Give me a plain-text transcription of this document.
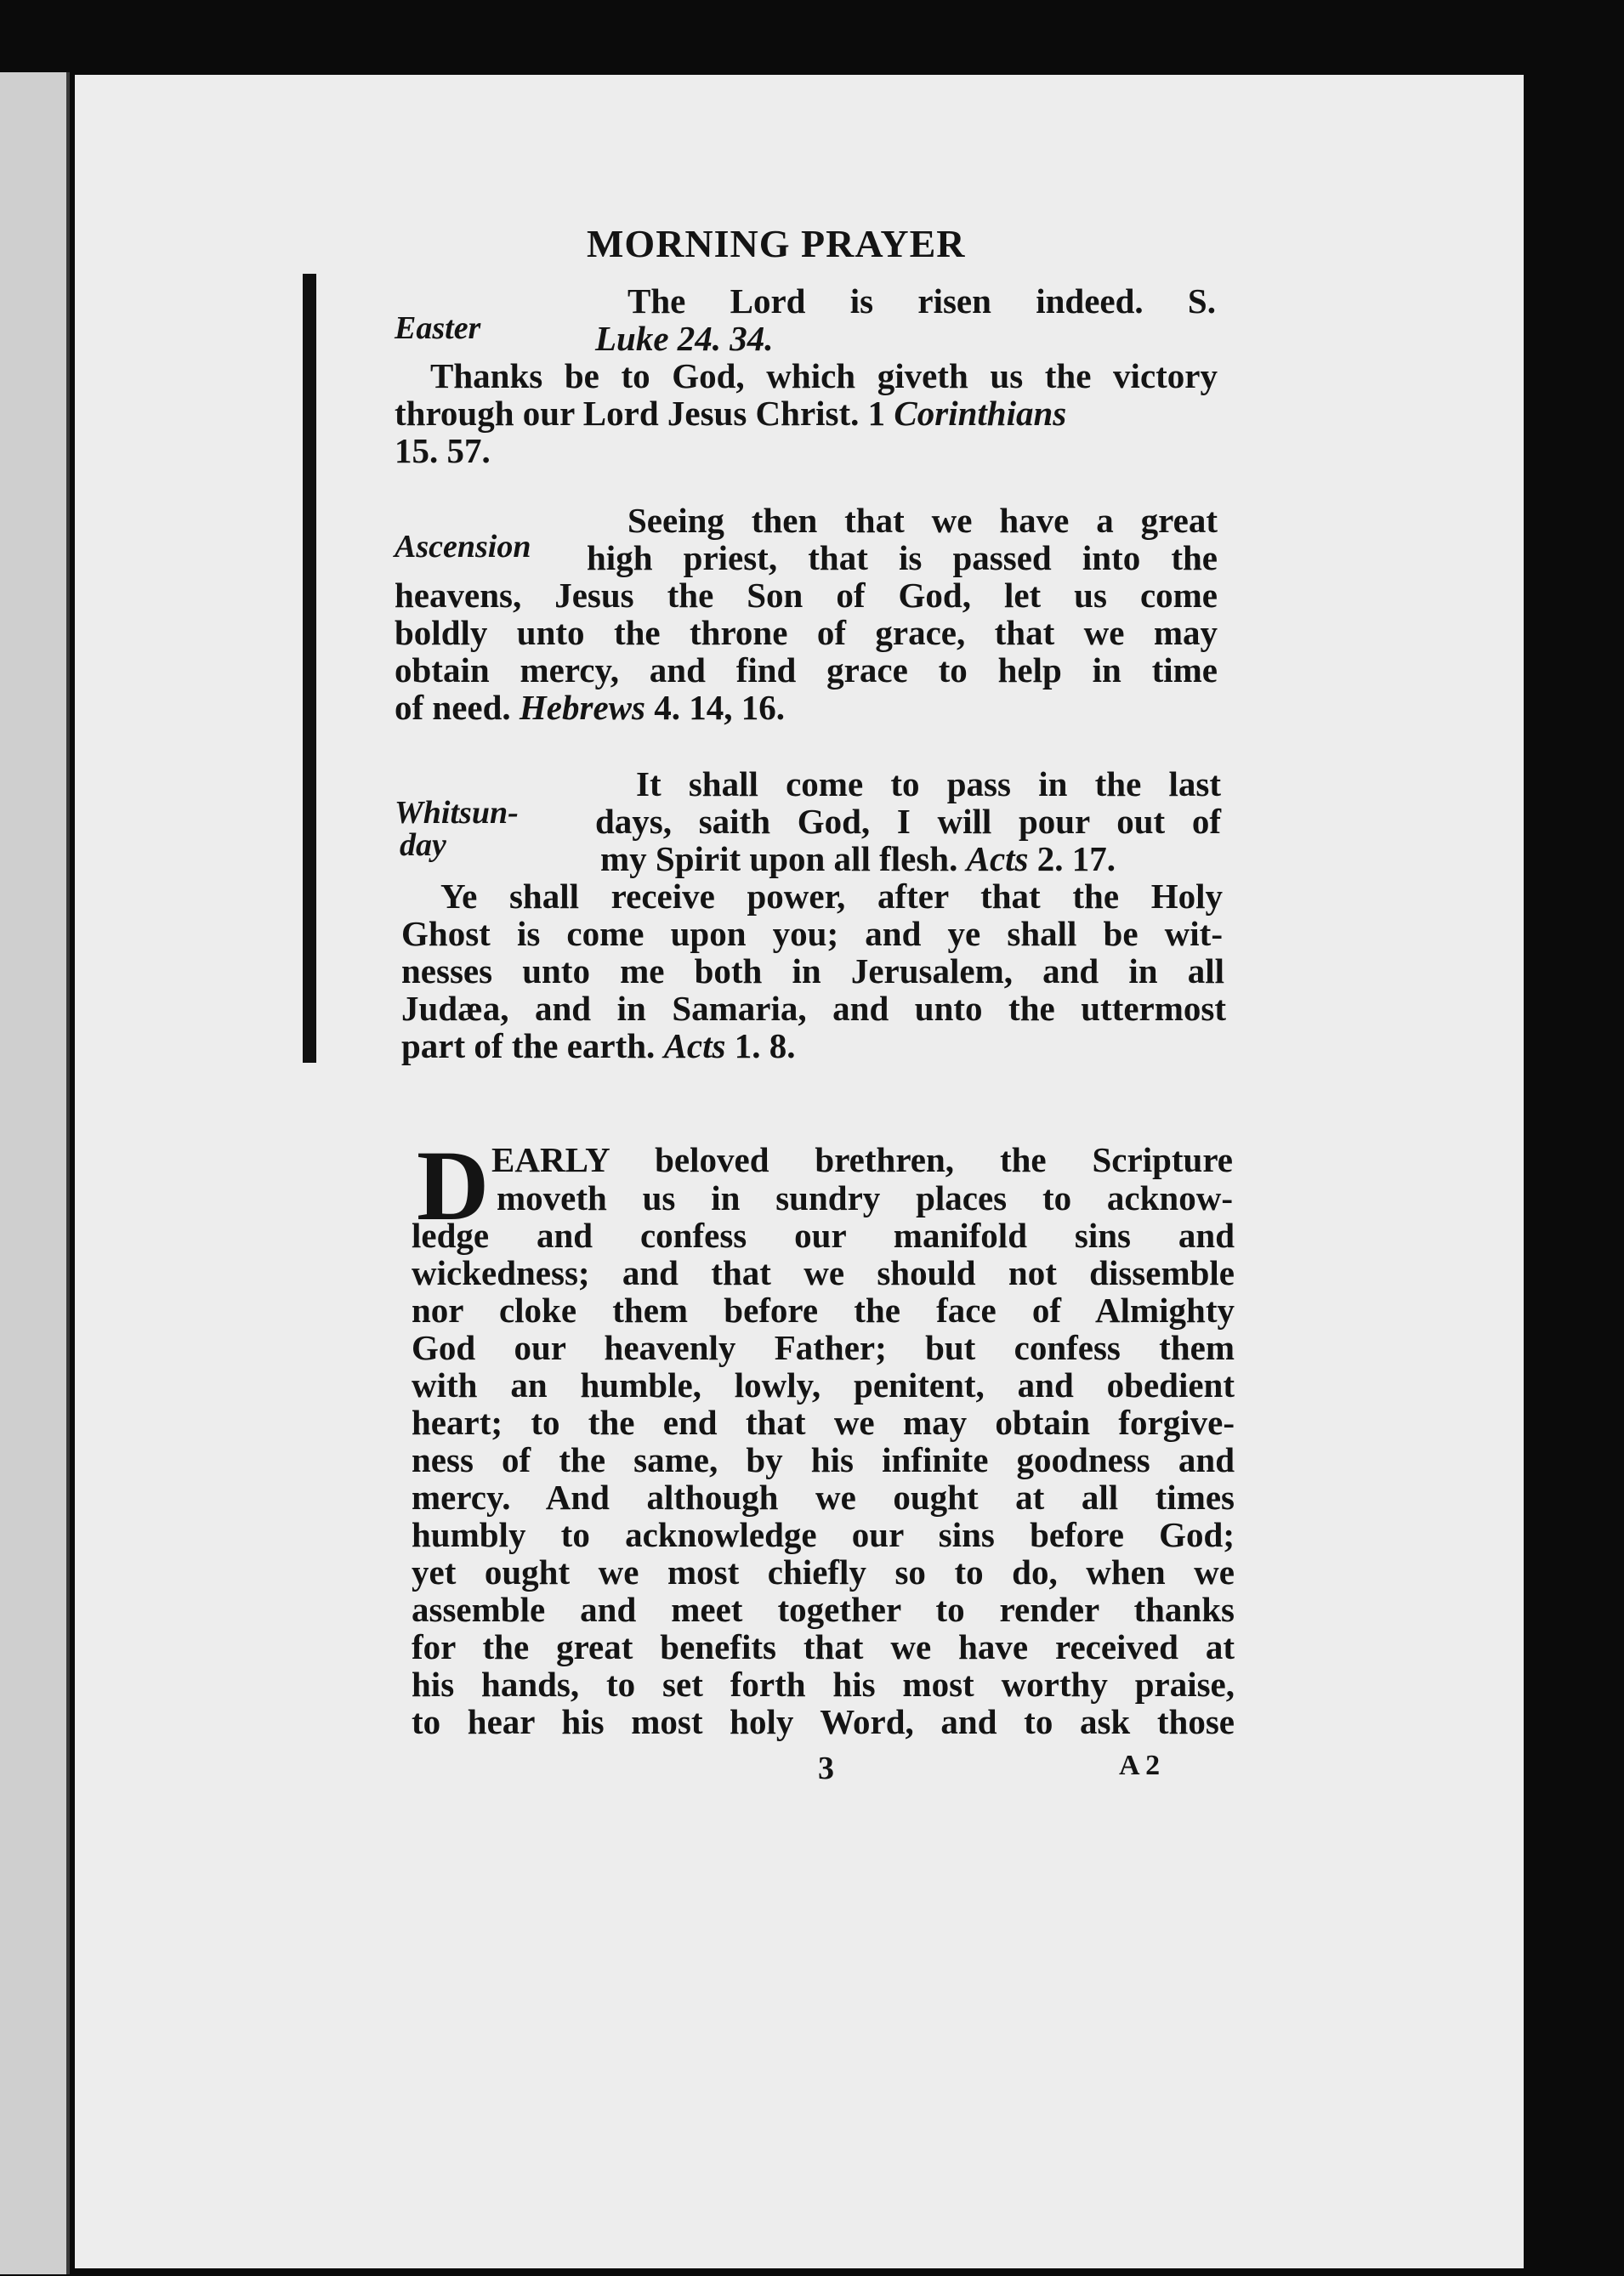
MORNING PRAYER
Easter
The Lord is risen indeed. S.
Luke 24. 34.
Thanks be to God, which giveth us the victory
through our Lord Jesus Christ. 1 Corinthians
15. 57.
Ascension
Seeing then that we have a great
high priest, that is passed into the
heavens, Jesus the Son of God, let us come
boldly unto the throne of grace, that we may
obtain mercy, and find grace to help in time
of need. Hebrews 4. 14, 16.
Whitsun-
day
It shall come to pass in the last
days, saith God, I will pour out of
my Spirit upon all flesh. Acts 2. 17.
Ye shall receive power, after that the Holy
Ghost is come upon you; and ye shall be wit-
nesses unto me both in Jerusalem, and in all
Judæa, and in Samaria, and unto the uttermost
part of the earth. Acts 1. 8.
D EARLY beloved brethren, the Scripture
moveth us in sundry places to acknow-
ledge and confess our manifold sins and
wickedness; and that we should not dissemble
nor cloke them before the face of Almighty
God our heavenly Father; but confess them
with an humble, lowly, penitent, and obedient
heart; to the end that we may obtain forgive-
ness of the same, by his infinite goodness and
mercy. And although we ought at all times
humbly to acknowledge our sins before God;
yet ought we most chiefly so to do, when we
assemble and meet together to render thanks
for the great benefits that we have received at
his hands, to set forth his most worthy praise,
to hear his most holy Word, and to ask those
3	A 2
